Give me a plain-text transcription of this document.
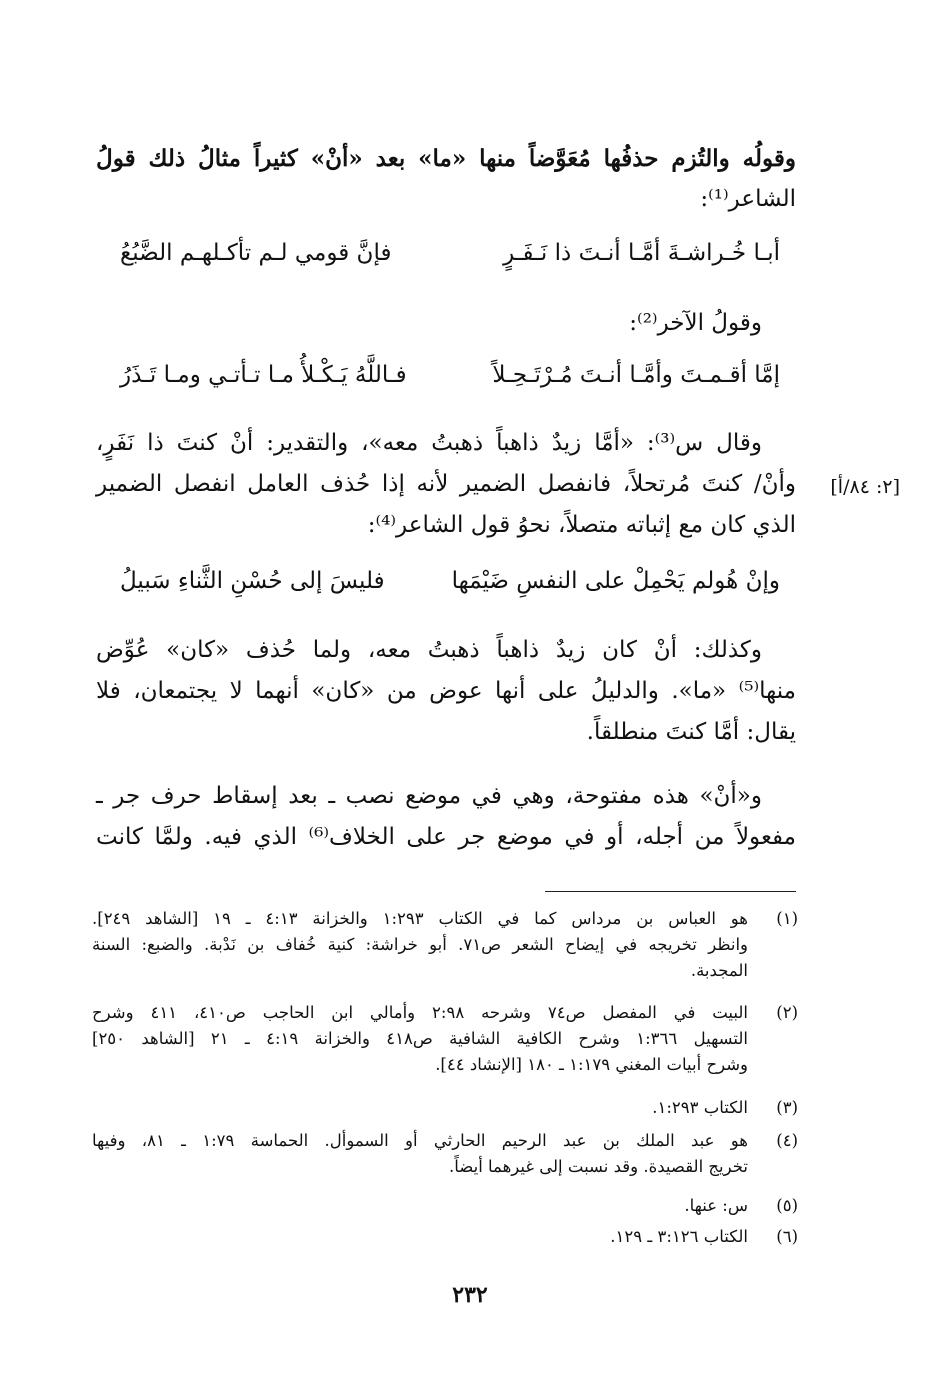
وقولُه والتُزم حذفُها مُعَوَّضاً منها «ما» بعد «أنْ» كثيراً مثالُ ذلك قولُ
الشاعر⁽¹⁾:

أبـا خُـراشـةَ أمَّـا أنـتَ ذا نَـفَـرٍ
فإنَّ قومي لـم تأكـلهـم الضَّبُعُ

وقولُ الآخر⁽²⁾:

إمَّا أقـمـتَ وأمَّـا أنـتَ مُـرْتَـحِـلاً
فـاللَّهُ يَـكْـلأُ مـا تـأتـي ومـا تَـذَرُ

وقال س⁽³⁾: «أمَّا زيدٌ ذاهباً ذهبتُ معه»، والتقدير: أنْ كنتَ ذا نَفَرٍ،
وأنْ/ كنتَ مُرتحلاً، فانفصل الضمير لأنه إذا حُذف العامل انفصل الضمير
الذي كان مع إثباته متصلاً، نحوُ قول الشاعر⁽⁴⁾:

[٢: ٨٤/أ]
وإنْ هُولم يَحْمِلْ على النفسِ ضَيْمَها
فليسَ إلى حُسْنِ الثَّناءِ سَبيلُ

وكذلك: أنْ كان زيدٌ ذاهباً ذهبتُ معه، ولما حُذف «كان» عُوِّض
منها⁽⁵⁾ «ما». والدليلُ على أنها عوض من «كان» أنهما لا يجتمعان، فلا
يقال: أمَّا كنتَ منطلقاً.

و«أنْ» هذه مفتوحة، وهي في موضع نصب ـ بعد إسقاط حرف جر ـ
مفعولاً من أجله، أو في موضع جر على الخلاف⁽⁶⁾ الذي فيه. ولمَّا كانت

(١)
هو العباس بن مرداس كما في الكتاب ١:٢٩٣ والخزانة ٤:١٣ ـ ١٩ [الشاهد ٢٤٩].
وانظر تخريجه في إيضاح الشعر ص٧١. أبو خراشة: كنية خُفاف بن نَدْبة. والضبع: السنة
المجدبة.
(٢)
البيت في المفصل ص٧٤ وشرحه ٢:٩٨ وأمالي ابن الحاجب ص٤١٠، ٤١١ وشرح
التسهيل ١:٣٦٦ وشرح الكافية الشافية ص٤١٨ والخزانة ٤:١٩ ـ ٢١ [الشاهد ٢٥٠]
وشرح أبيات المغني ١:١٧٩ ـ ١٨٠ [الإنشاد ٤٤].
(٣)
الكتاب ١:٢٩٣.
(٤)
هو عبد الملك بن عبد الرحيم الحارثي أو السموأل. الحماسة ١:٧٩ ـ ٨١، وفيها
تخريج القصيدة. وقد نسبت إلى غيرهما أيضاً.
(٥)
س: عنها.
(٦)
الكتاب ٣:١٢٦ ـ ١٢٩.
٢٣٢
